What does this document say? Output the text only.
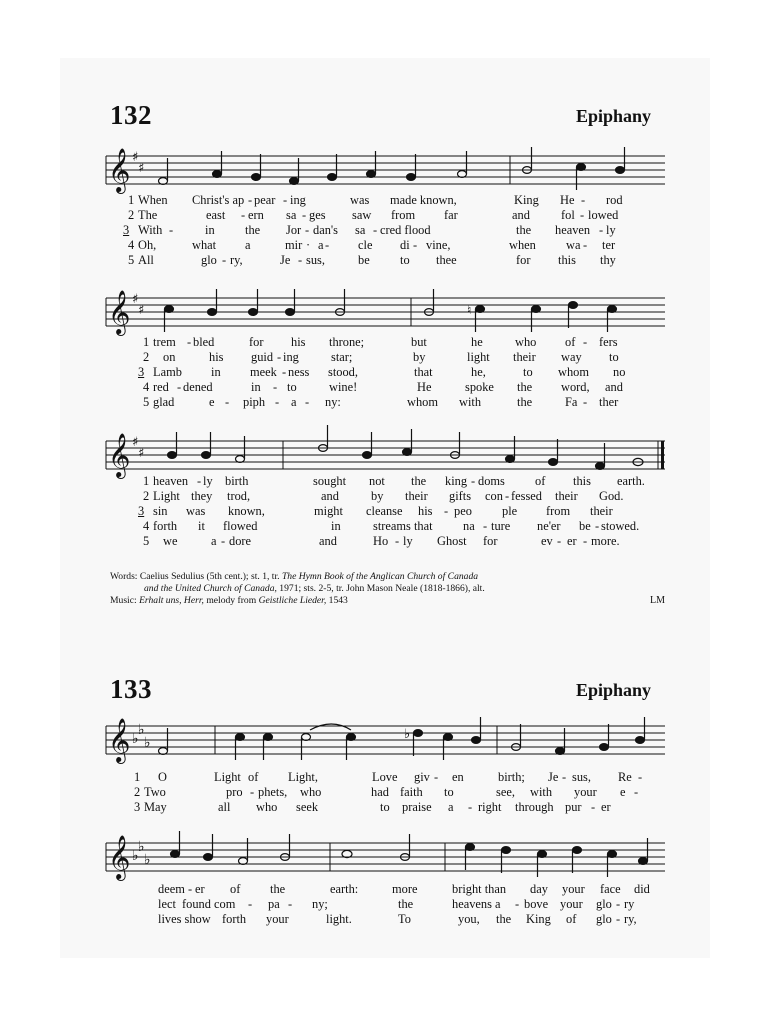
132	Epiphany
𝄞
𝄞
𝄞
𝄞
𝄞
♯
♯
♯
♯
♯
♯
♭
♭
♭
♭
♭
♭
♮
♭
1 When Christ's ap - pear - ing	was made known,	King He - rod
2 The	east - ern sa - ges saw from far	and	fol - lowed
3 With -	in the Jor - dan's sa - cred flood	the heaven - ly
4 Oh,	what a	mir · a - cle di - vine,	when wa - ter
5 All	glo - ry,	Je - sus,	be to thee	for this thy
1 trem - bled	for his throne;	but	he	who of - fers
2 on	his guid - ing	star;	by	light their way to
3 Lamb in meek - ness stood,	that	he,	to whom no
4 red - dened	in - to	wine!	He	spoke the word, and
5 glad	e - piph - a - ny:	whom with	the	Fa - ther
1 heaven - ly birth	sought not the king - doms of this earth.
2 Light they trod,	and	by their gifts con - fessed their God.
3 sin was known,	might cleanse his - peo ple from their
4 forth it flowed	in	streams that na - ture ne'er be - stowed.
5 we	a - dore	and	Ho - ly Ghost for	ev - er - more.
Words: Caelius Sedulius (5th cent.); st. 1, tr. The Hymn Book of the Anglican Church of Canada
and the United Church of Canada, 1971; sts. 2-5, tr. John Mason Neale (1818-1866), alt.
Music: Erhalt uns, Herr, melody from Geistliche Lieder, 1543	LM
133	Epiphany
1 O	Light of Light,	Love giv - en	birth; Je - sus, Re -
2 Two	pro - phets, who	had faith to	see, with your e -
3 May	all who seek	to praise a - right through pur - er
deem - er of the	earth:	more	bright than day your face did
lect found com - pa - ny;	the	heavens a - bove your glo - ry
lives show forth your	light.	To	you, the King of glo - ry,
